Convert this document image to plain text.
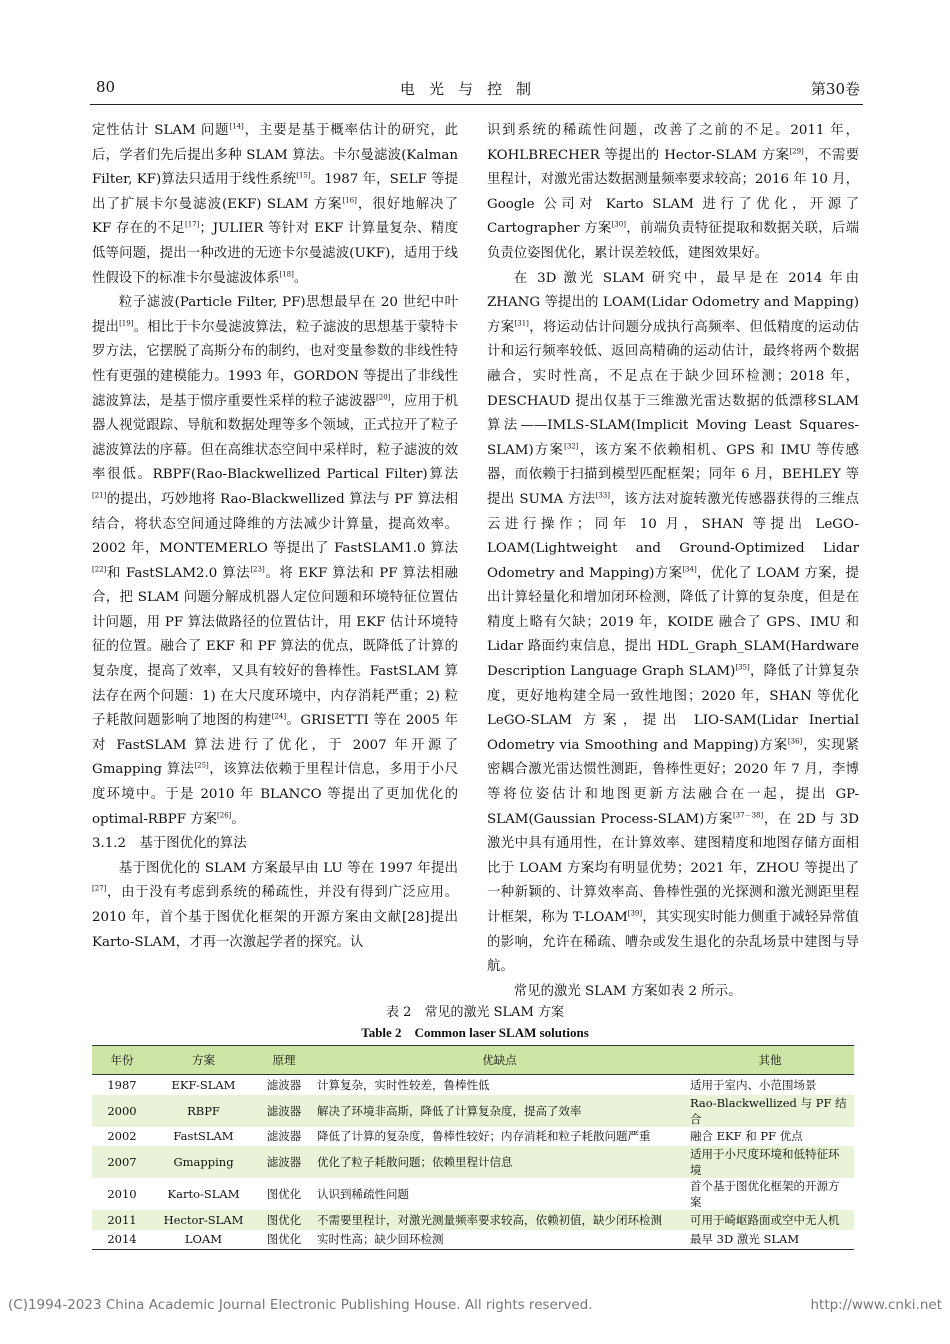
80	电光与控制	第30卷

定性估计 SLAM 问题[14]，主要是基于概率估计的研究，此后，学者们先后提出多种 SLAM 算法。卡尔曼滤波(Kalman Filter, KF)算法只适用于线性系统[15]。1987 年，SELF 等提出了扩展卡尔曼滤波(EKF) SLAM 方案[16]，很好地解决了 KF 存在的不足[17]；JULIER 等针对 EKF 计算量复杂、精度低等问题，提出一种改进的无迹卡尔曼滤波(UKF)，适用于线性假设下的标准卡尔曼滤波体系[18]。

粒子滤波(Particle Filter, PF)思想最早在 20 世纪中叶提出[19]。相比于卡尔曼滤波算法，粒子滤波的思想基于蒙特卡罗方法，它摆脱了高斯分布的制约，也对变量参数的非线性特性有更强的建模能力。1993 年，GORDON 等提出了非线性滤波算法，是基于惯序重要性采样的粒子滤波器[20]，应用于机器人视觉跟踪、导航和数据处理等多个领域，正式拉开了粒子滤波算法的序幕。但在高维状态空间中采样时，粒子滤波的效率很低。RBPF(Rao-Blackwellized Partical Filter)算法[21]的提出，巧妙地将 Rao-Blackwellized 算法与 PF 算法相结合，将状态空间通过降维的方法减少计算量，提高效率。2002 年，MONTEMERLO 等提出了 FastSLAM1.0 算法[22]和 FastSLAM2.0 算法[23]。将 EKF 算法和 PF 算法相融合，把 SLAM 问题分解成机器人定位问题和环境特征位置估计问题，用 PF 算法做路径的位置估计，用 EKF 估计环境特征的位置。融合了 EKF 和 PF 算法的优点，既降低了计算的复杂度，提高了效率，又具有较好的鲁棒性。FastSLAM 算法存在两个问题：1) 在大尺度环境中，内存消耗严重；2) 粒子耗散问题影响了地图的构建[24]。GRISETTI 等在 2005 年对 FastSLAM 算法进行了优化，于 2007 年开源了 Gmapping 算法[25]，该算法依赖于里程计信息，多用于小尺度环境中。于是 2010 年 BLANCO 等提出了更加优化的 optimal-RBPF 方案[26]。

3.1.2　基于图优化的算法

基于图优化的 SLAM 方案最早由 LU 等在 1997 年提出[27]，由于没有考虑到系统的稀疏性，并没有得到广泛应用。2010 年，首个基于图优化框架的开源方案由文献[28]提出 Karto-SLAM，才再一次激起学者的探究。认

识到系统的稀疏性问题，改善了之前的不足。2011 年，KOHLBRECHER 等提出的 Hector-SLAM 方案[29]，不需要里程计，对激光雷达数据测量频率要求较高；2016 年 10 月，Google 公司对 Karto SLAM 进行了优化，开源了 Cartographer 方案[30]，前端负责特征提取和数据关联，后端负责位姿图优化，累计误差较低，建图效果好。

在 3D 激光 SLAM 研究中，最早是在 2014 年由 ZHANG 等提出的 LOAM(Lidar Odometry and Mapping)方案[31]，将运动估计问题分成执行高频率、但低精度的运动估计和运行频率较低、返回高精确的运动估计，最终将两个数据融合，实时性高，不足点在于缺少回环检测；2018 年，DESCHAUD 提出仅基于三维激光雷达数据的低漂移SLAM 算法——IMLS-SLAM(Implicit Moving Least Squares-SLAM)方案[32]，该方案不依赖相机、GPS 和 IMU 等传感器，而依赖于扫描到模型匹配框架；同年 6 月，BEHLEY 等提出 SUMA 方法[33]，该方法对旋转激光传感器获得的三维点云进行操作；同年 10 月，SHAN 等提出 LeGO-LOAM(Lightweight and Ground-Optimized Lidar Odometry and Mapping)方案[34]，优化了 LOAM 方案，提出计算轻量化和增加闭环检测，降低了计算的复杂度，但是在精度上略有欠缺；2019 年，KOIDE 融合了 GPS、IMU 和 Lidar 路面约束信息，提出 HDL_Graph_SLAM(Hardware Description Language Graph SLAM)[35]，降低了计算复杂度，更好地构建全局一致性地图；2020 年，SHAN 等优化 LeGO-SLAM 方案，提出 LIO-SAM(Lidar Inertial Odometry via Smoothing and Mapping)方案[36]，实现紧密耦合激光雷达惯性测距，鲁棒性更好；2020 年 7 月，李博等将位姿估计和地图更新方法融合在一起，提出 GP-SLAM(Gaussian Process-SLAM)方案[37－38]，在 2D 与 3D 激光中具有通用性，在计算效率、建图精度和地图存储方面相比于 LOAM 方案均有明显优势；2021 年，ZHOU 等提出了一种新颖的、计算效率高、鲁棒性强的光探测和激光测距里程计框架，称为 T-LOAM[39]，其实现实时能力侧重于减轻异常值的影响，允许在稀疏、嘈杂或发生退化的杂乱场景中建图与导航。

常见的激光 SLAM 方案如表 2 所示。

表 2　常见的激光 SLAM 方案
Table 2　Common laser SLAM solutions
年份	方案	原理	优缺点	其他
1987	EKF-SLAM	滤波器	计算复杂，实时性较差，鲁棒性低	适用于室内、小范围场景
2000	RBPF	滤波器	解决了环境非高斯，降低了计算复杂度，提高了效率	Rao-Blackwellized 与 PF 结合
2002	FastSLAM	滤波器	降低了计算的复杂度，鲁棒性较好；内存消耗和粒子耗散问题严重	融合 EKF 和 PF 优点
2007	Gmapping	滤波器	优化了粒子耗散问题；依赖里程计信息	适用于小尺度环境和低特征环境
2010	Karto-SLAM	图优化	认识到稀疏性问题	首个基于图优化框架的开源方案
2011	Hector-SLAM	图优化	不需要里程计，对激光测量频率要求较高，依赖初值，缺少闭环检测	可用于崎岖路面或空中无人机
2014	LOAM	图优化	实时性高；缺少回环检测	最早 3D 激光 SLAM
(C)1994-2023 China Academic Journal Electronic Publishing House. All rights reserved.	http://www.cnki.net
